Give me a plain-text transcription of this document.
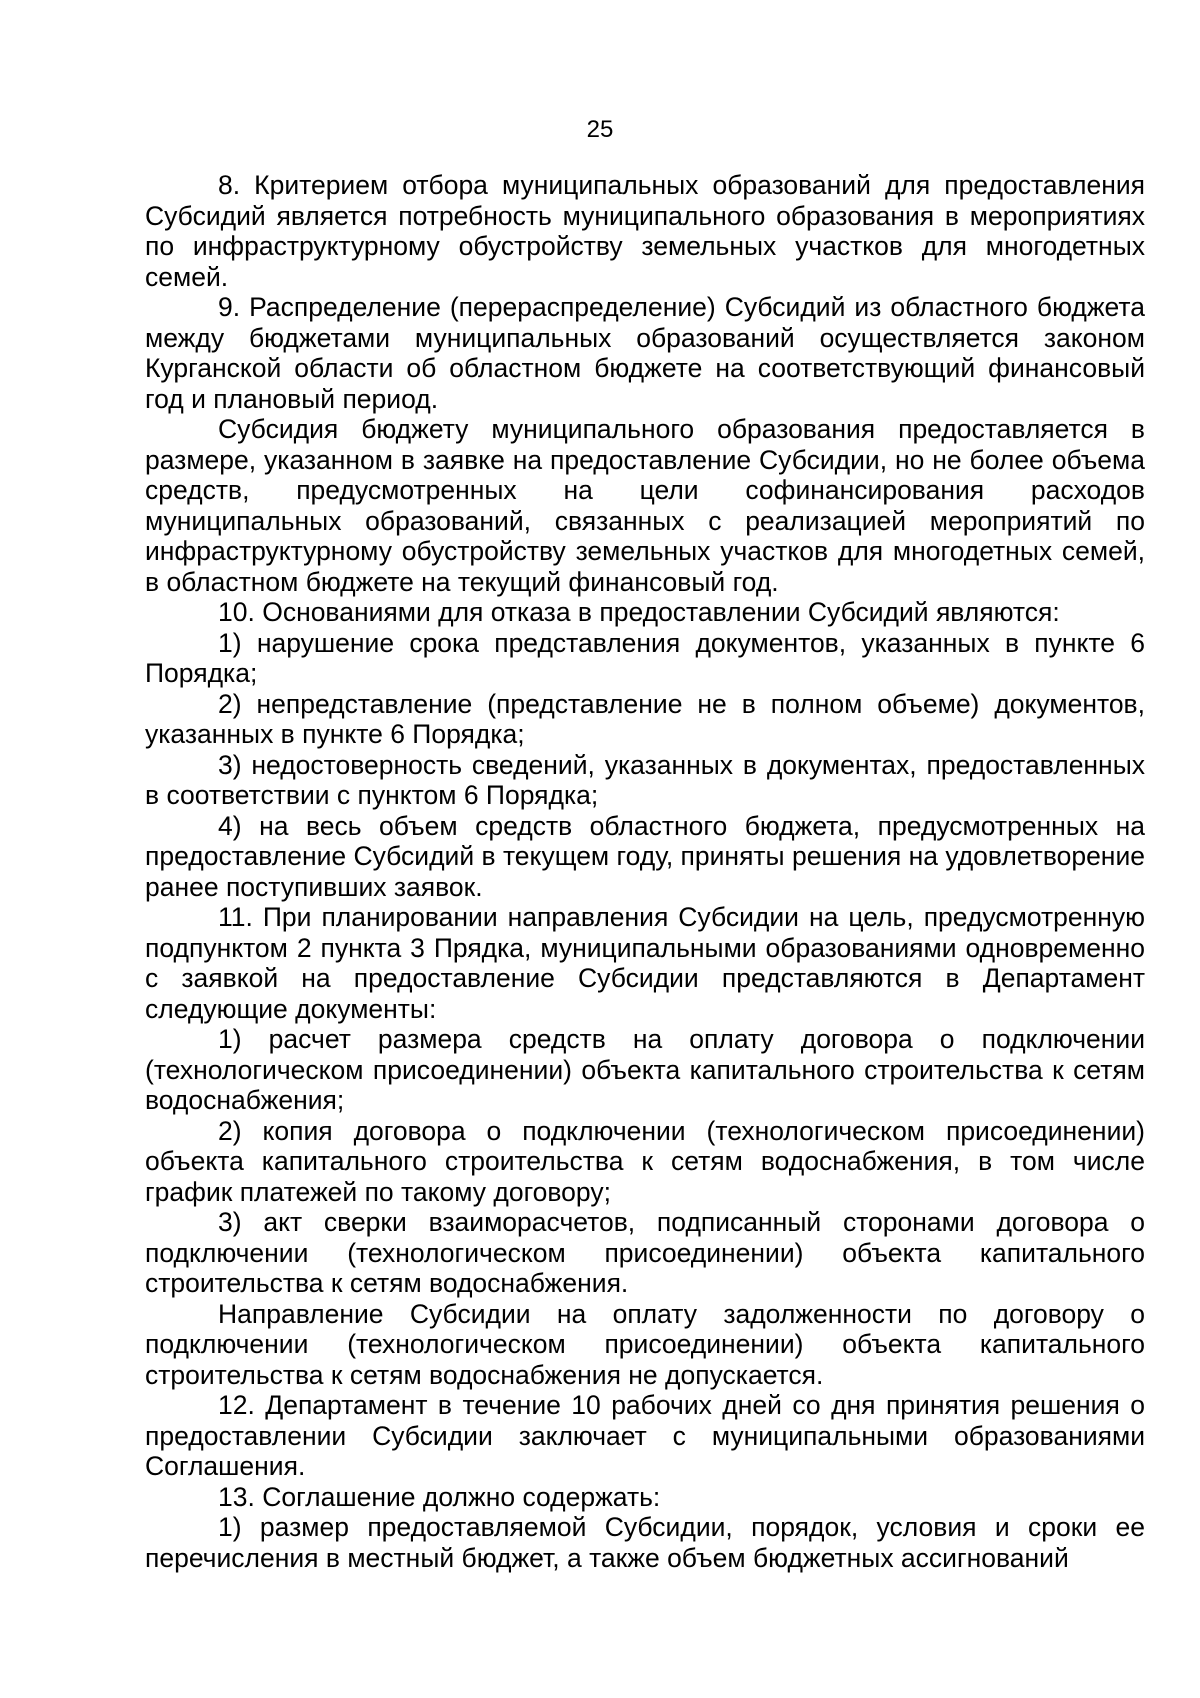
25

8. Критерием отбора муниципальных образований для предоставления Субсидий является потребность муниципального образования в мероприятиях по инфраструктурному обустройству земельных участков для многодетных семей.

9. Распределение (перераспределение) Субсидий из областного бюджета между бюджетами муниципальных образований осуществляется законом Курганской области об областном бюджете на соответствующий финансовый год и плановый период.

Субсидия бюджету муниципального образования предоставляется в размере, указанном в заявке на предоставление Субсидии, но не более объема средств, предусмотренных на цели софинансирования расходов муниципальных образований, связанных с реализацией мероприятий по инфраструктурному обустройству земельных участков для многодетных семей, в областном бюджете на текущий финансовый год.

10. Основаниями для отказа в предоставлении Субсидий являются:

1) нарушение срока представления документов, указанных в пункте 6 Порядка;

2) непредставление (представление не в полном объеме) документов, указанных в пункте 6 Порядка;

3) недостоверность сведений, указанных в документах, предоставленных в соответствии с пунктом 6 Порядка;

4) на весь объем средств областного бюджета, предусмотренных на предоставление Субсидий в текущем году, приняты решения на удовлетворение ранее поступивших заявок.

11. При планировании направления Субсидии на цель, предусмотренную подпунктом 2 пункта 3 Прядка, муниципальными образованиями одновременно с заявкой на предоставление Субсидии представляются в Департамент следующие документы:

1) расчет размера средств на оплату договора о подключении (технологическом присоединении) объекта капитального строительства к сетям водоснабжения;

2) копия договора о подключении (технологическом присоединении) объекта капитального строительства к сетям водоснабжения, в том числе график платежей по такому договору;

3) акт сверки взаиморасчетов, подписанный сторонами договора о подключении (технологическом присоединении) объекта капитального строительства к сетям водоснабжения.

Направление Субсидии на оплату задолженности по договору о подключении (технологическом присоединении) объекта капитального строительства к сетям водоснабжения не допускается.

12. Департамент в течение 10 рабочих дней со дня принятия решения о предоставлении Субсидии заключает с муниципальными образованиями Соглашения.

13. Соглашение должно содержать:

1) размер предоставляемой Субсидии, порядок, условия и сроки ее перечисления в местный бюджет, а также объем бюджетных ассигнований
